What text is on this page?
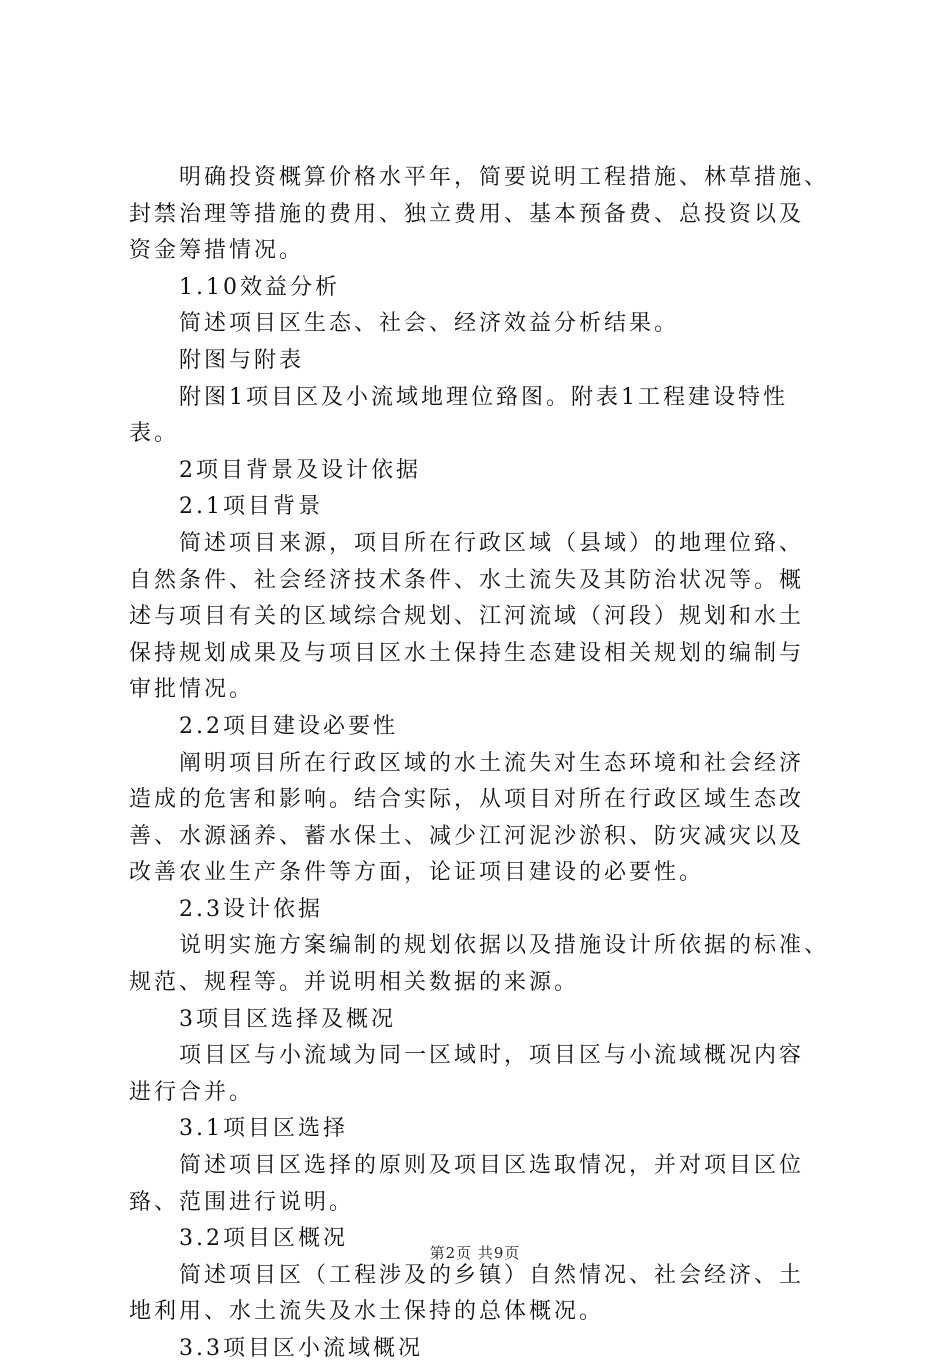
明确投资概算价格水平年，简要说明工程措施、林草措施、
封禁治理等措施的费用、独立费用、基本预备费、总投资以及
资金筹措情况。
1.10效益分析
简述项目区生态、社会、经济效益分析结果。
附图与附表
附图1项目区及小流域地理位臵图。附表1工程建设特性
表。
2项目背景及设计依据
2.1项目背景
简述项目来源，项目所在行政区域（县域）的地理位臵、
自然条件、社会经济技术条件、水土流失及其防治状况等。概
述与项目有关的区域综合规划、江河流域（河段）规划和水土
保持规划成果及与项目区水土保持生态建设相关规划的编制与
审批情况。
2.2项目建设必要性
阐明项目所在行政区域的水土流失对生态环境和社会经济
造成的危害和影响。结合实际，从项目对所在行政区域生态改
善、水源涵养、蓄水保土、减少江河泥沙淤积、防灾减灾以及
改善农业生产条件等方面，论证项目建设的必要性。
2.3设计依据
说明实施方案编制的规划依据以及措施设计所依据的标准、
规范、规程等。并说明相关数据的来源。
3项目区选择及概况
项目区与小流域为同一区域时，项目区与小流域概况内容
进行合并。
3.1项目区选择
简述项目区选择的原则及项目区选取情况，并对项目区位
臵、范围进行说明。
3.2项目区概况
简述项目区（工程涉及的乡镇）自然情况、社会经济、土
地利用、水土流失及水土保持的总体概况。
3.3项目区小流域概况
第2页 共9页
